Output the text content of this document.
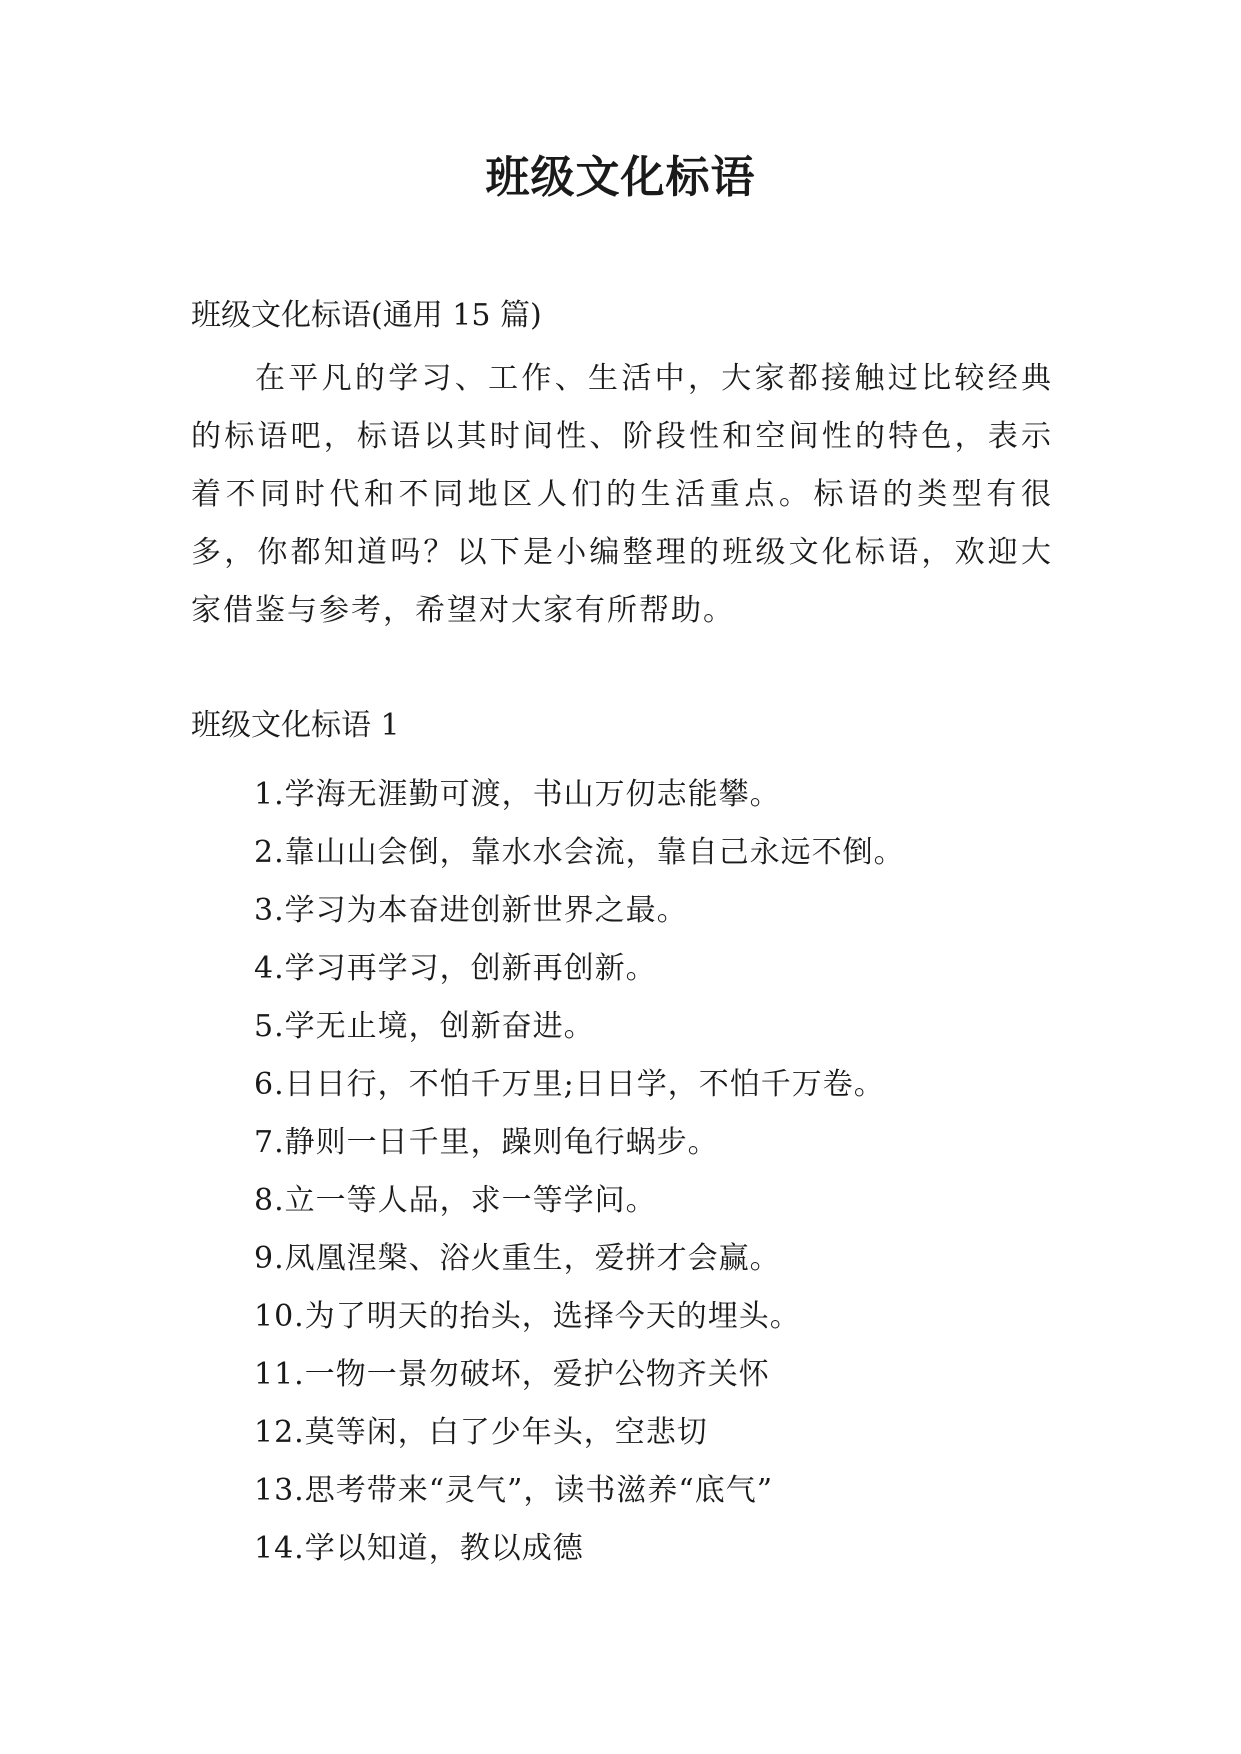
班级文化标语

班级文化标语(通用 15 篇)

在平凡的学习、工作、生活中，大家都接触过比较经典的标语吧，标语以其时间性、阶段性和空间性的特色，表示着不同时代和不同地区人们的生活重点。标语的类型有很多，你都知道吗？以下是小编整理的班级文化标语，欢迎大家借鉴与参考，希望对大家有所帮助。

班级文化标语 1

1.学海无涯勤可渡，书山万仞志能攀。
2.靠山山会倒，靠水水会流，靠自己永远不倒。
3.学习为本奋进创新世界之最。
4.学习再学习，创新再创新。
5.学无止境，创新奋进。
6.日日行，不怕千万里;日日学，不怕千万卷。
7.静则一日千里，躁则龟行蜗步。
8.立一等人品，求一等学问。
9.凤凰涅槃、浴火重生，爱拼才会赢。
10.为了明天的抬头，选择今天的埋头。
11.一物一景勿破坏，爱护公物齐关怀
12.莫等闲，白了少年头，空悲切
13.思考带来“灵气”，读书滋养“底气”
14.学以知道，教以成德
